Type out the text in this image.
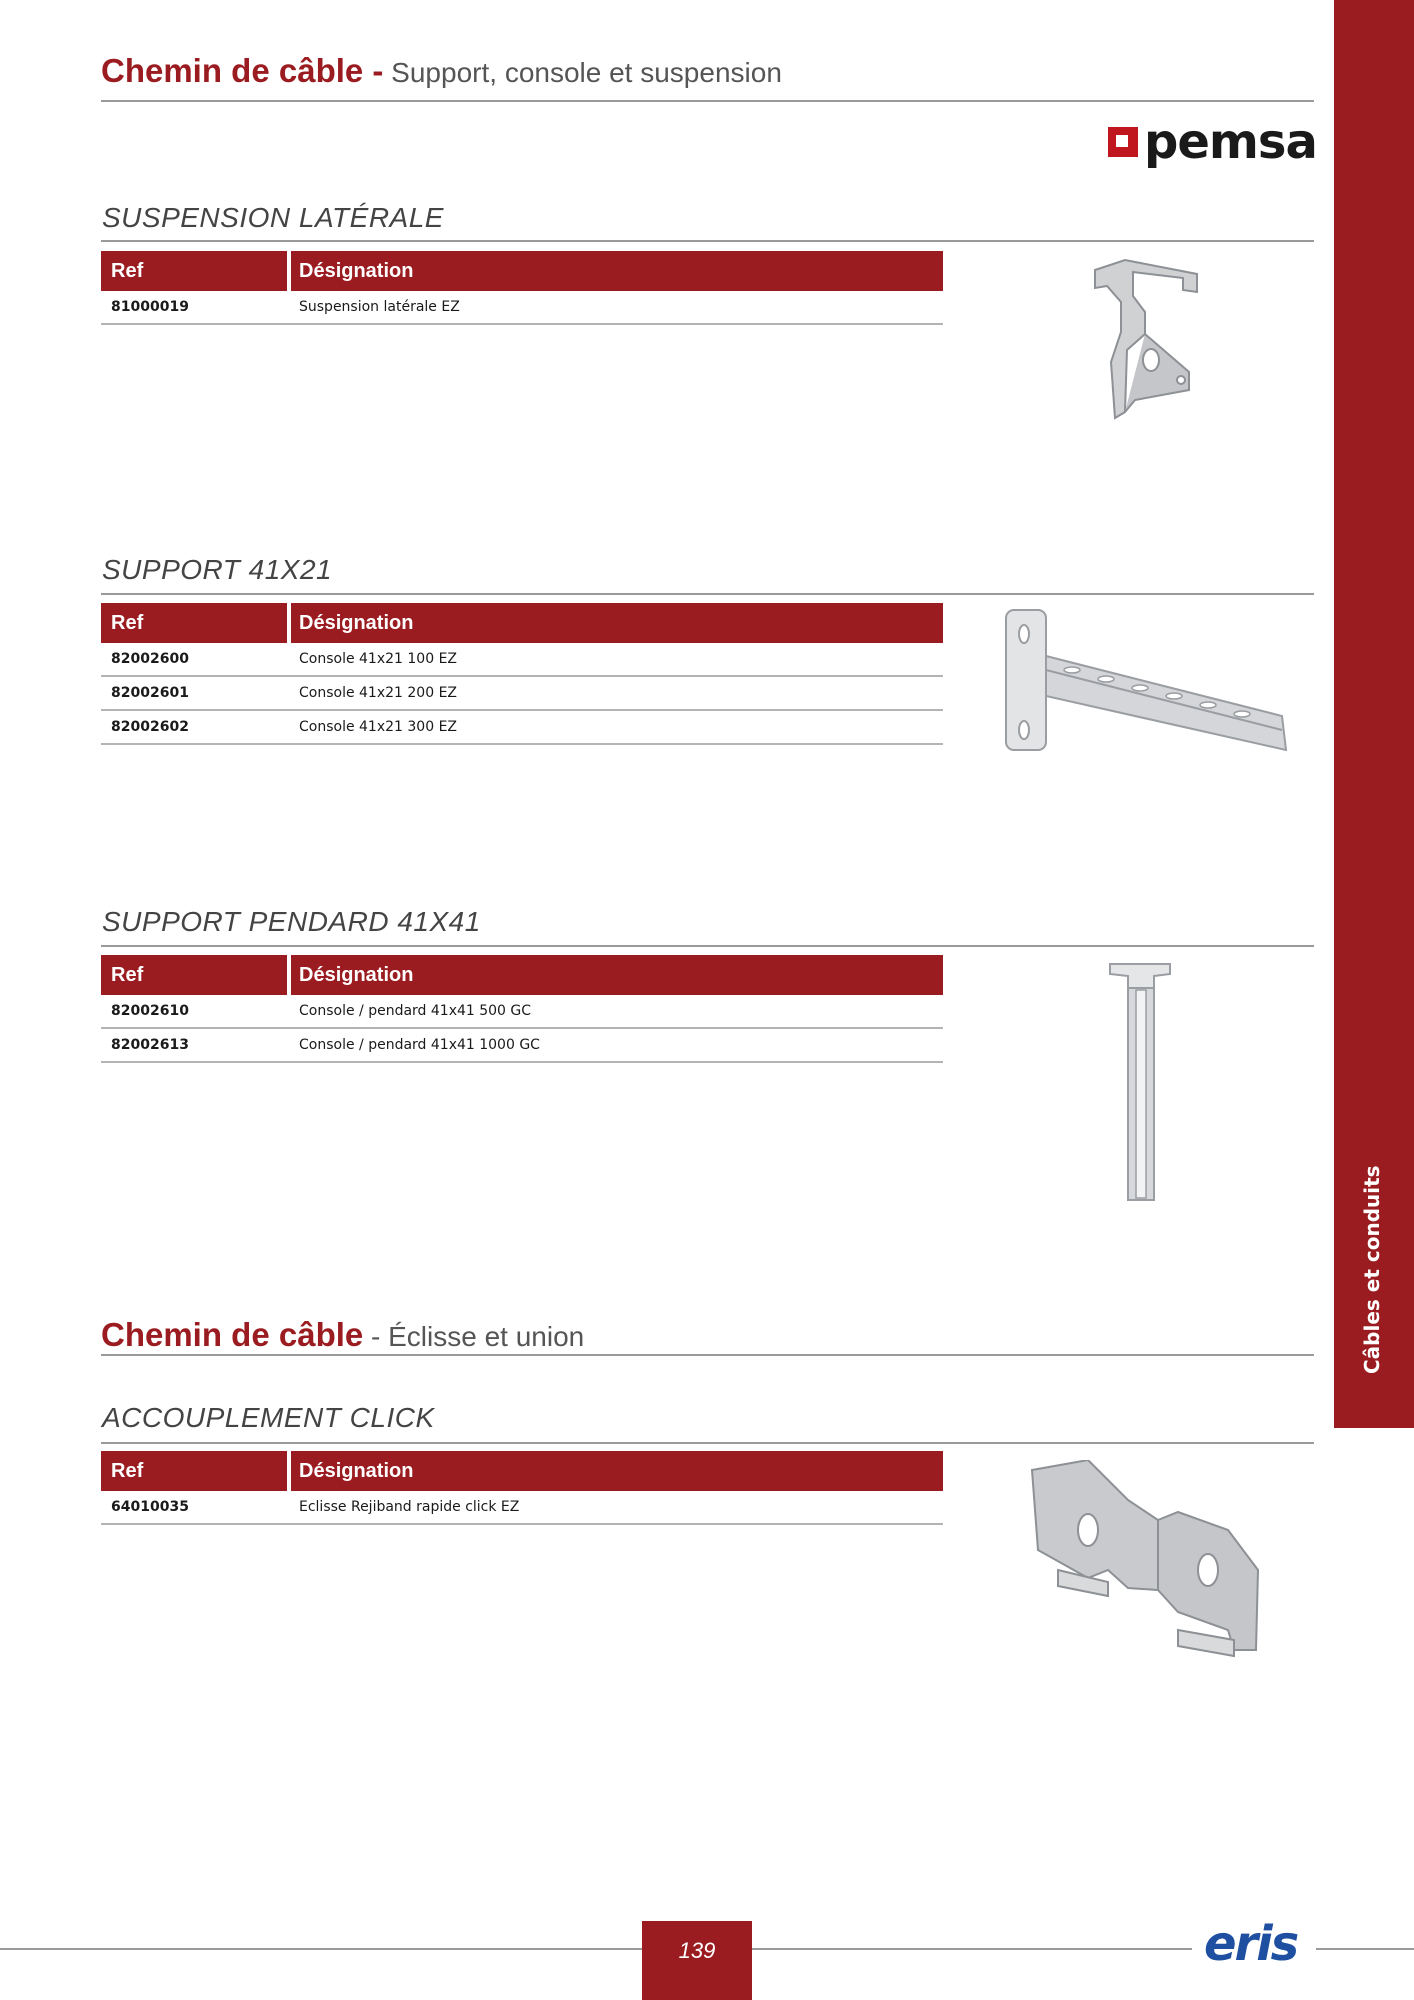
Câbles et conduits
Chemin de câble - Support, console et suspension
pemsa
SUSPENSION LATÉRALE
Ref	Désignation
81000019	Suspension latérale EZ
SUPPORT 41X21
Ref	Désignation
82002600	Console 41x21 100 EZ
82002601	Console 41x21 200 EZ
82002602	Console 41x21 300 EZ
SUPPORT PENDARD 41X41
Ref	Désignation
82002610	Console / pendard 41x41 500 GC
82002613	Console / pendard 41x41 1000 GC
Chemin de câble - Éclisse et union
ACCOUPLEMENT CLICK
Ref	Désignation
64010035	Eclisse Rejiband rapide click EZ
139	eris
